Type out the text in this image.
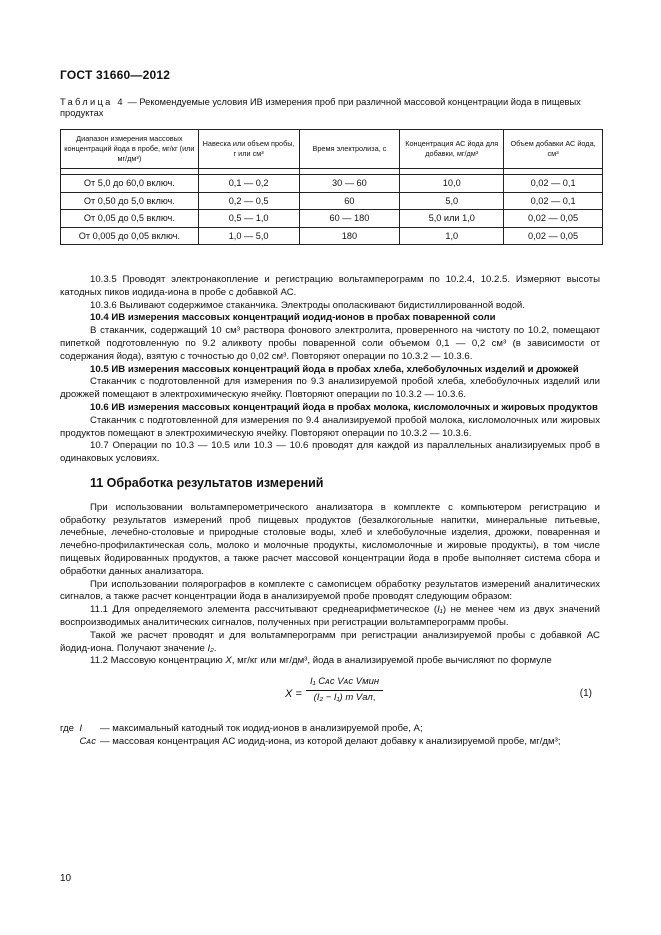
ГОСТ 31660—2012
Таблица 4 — Рекомендуемые условия ИВ измерения проб при различной массовой концентрации йода в пищевых продуктах
Диапазон измерения массовых концентраций йода в пробе, мг/кг (или мг/дм³)	Навеска или объем пробы, г или см³	Время электролиза, с	Концентрация АС йода для добавки, мг/дм³	Объем добавки АС йода, см³

От 5,0 до 60,0 включ.	0,1 — 0,2	30 — 60	10,0	0,02 — 0,1
От 0,50 до 5,0 включ.	0,2 — 0,5	60	5,0	0,02 — 0,1
От 0,05 до 0,5 включ.	0,5 — 1,0	60 — 180	5,0 или 1,0	0,02 — 0,05
От 0,005 до 0,05 включ.	1,0 — 5,0	180	1,0	0,02 — 0,05

10.3.5 Проводят электронакопление и регистрацию вольтамперограмм по 10.2.4, 10.2.5. Измеряют высоты катодных пиков иодида-иона в пробе с добавкой АС.

10.3.6 Выливают содержимое стаканчика. Электроды ополаскивают бидистиллированной водой.

10.4 ИВ измерения массовых концентраций иодид-ионов в пробах поваренной соли

В стаканчик, содержащий 10 см³ раствора фонового электролита, проверенного на чистоту по 10.2, помещают пипеткой подготовленную по 9.2 аликвоту пробы поваренной соли объемом 0,1 — 0,2 см³ (в зависимости от содержания йода), взятую с точностью до 0,02 см³. Повторяют операции по 10.3.2 — 10.3.6.

10.5 ИВ измерения массовых концентраций йода в пробах хлеба, хлебобулочных изделий и дрожжей

Стаканчик с подготовленной для измерения по 9.3 анализируемой пробой хлеба, хлебобулочных изделий или дрожжей помещают в электрохимическую ячейку. Повторяют операции по 10.3.2 — 10.3.6.

10.6 ИВ измерения массовых концентраций йода в пробах молока, кисломолочных и жировых продуктов

Стаканчик с подготовленной для измерения по 9.4 анализируемой пробой молока, кисломолочных или жировых продуктов помещают в электрохимическую ячейку. Повторяют операции по 10.3.2 — 10.3.6.

10.7 Операции по 10.3 — 10.5 или 10.3 — 10.6 проводят для каждой из параллельных анализируемых проб в одинаковых условиях.

11 Обработка результатов измерений

При использовании вольтамперометрического анализатора в комплекте с компьютером регистрацию и обработку результатов измерений проб пищевых продуктов (безалкогольные напитки, минеральные питьевые, лечебные, лечебно-столовые и природные столовые воды, хлеб и хлебобулочные изделия, дрожжи, поваренная и лечебно-профилактическая соль, молоко и молочные продукты, кисломолочные и жировые продукты), в том числе пищевых йодированных продуктов, а также расчет массовой концентрации йода в пробе выполняет система сбора и обработки данных анализатора.

При использовании полярографов в комплекте с самописцем обработку результатов измерений аналитических сигналов, а также расчет концентрации йода в анализируемой пробе проводят следующим образом:

11.1 Для определяемого элемента рассчитывают среднеарифметическое (I₁) не менее чем из двух значений воспроизводимых аналитических сигналов, полученных при регистрации вольтамперограмм пробы.

Такой же расчет проводят и для вольтамперограмм при регистрации анализируемой пробы с добавкой АС йодид-иона. Получают значение I₂.

11.2 Массовую концентрацию X, мг/кг или мг/дм³, йода в анализируемой пробе вычисляют по формуле

X =
I₁ Cᴀᴄ Vᴀᴄ Vмин
(I₂ − I₁) m Vал,	(1)
где I	— максимальный катодный ток иодид-ионов в анализируемой пробе, А;
Cᴀᴄ — массовая концентрация АС иодид-иона, из которой делают добавку к анализируемой пробе, мг/дм³;
10
